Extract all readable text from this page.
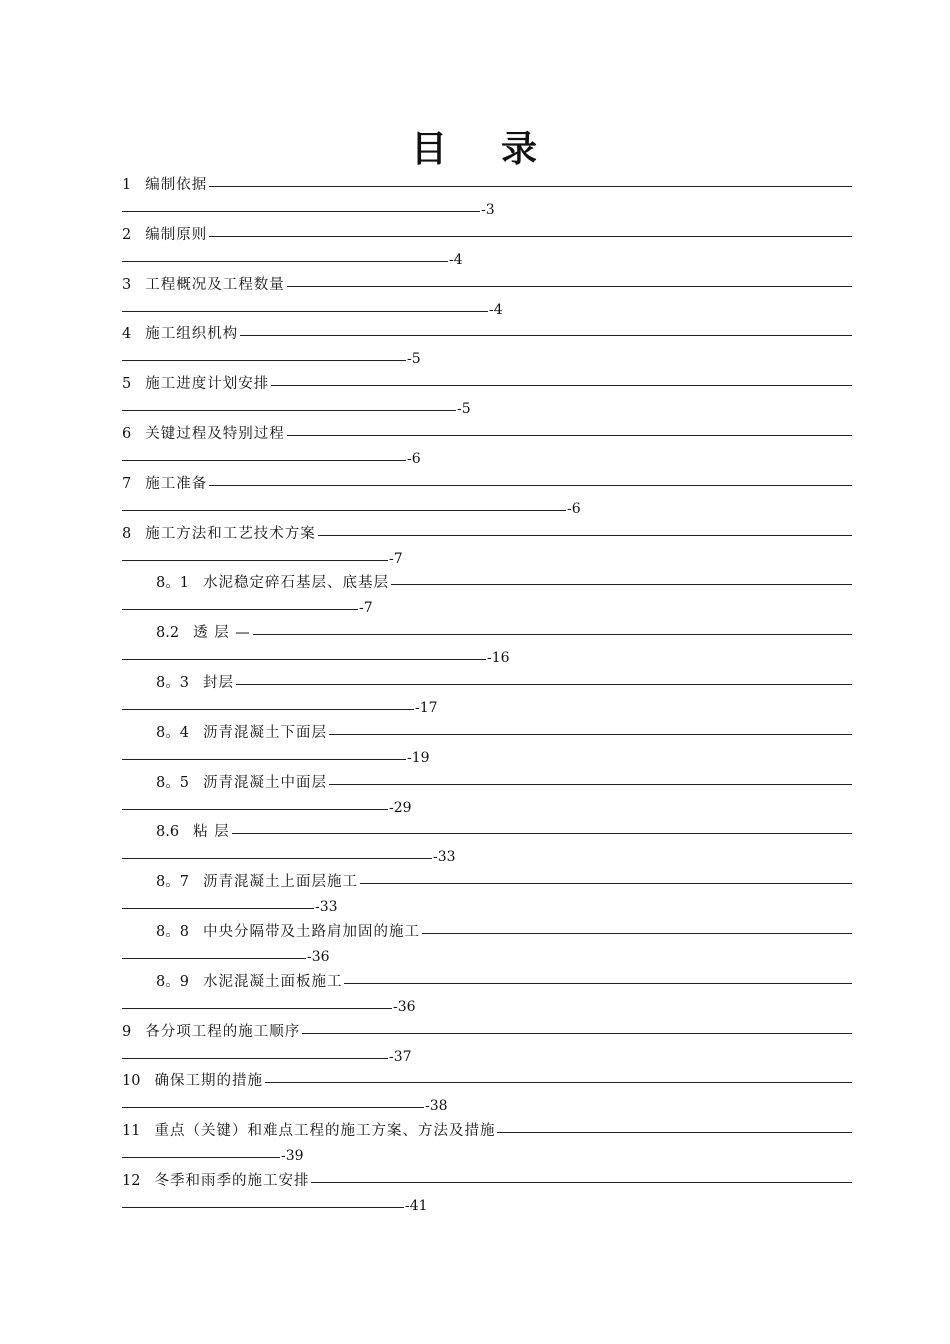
目 录
1 编制依据
-3
2 编制原则
-4
3 工程概况及工程数量
-4
4 施工组织机构
-5
5 施工进度计划安排
-5
6 关键过程及特别过程
-6
7 施工准备
-6
8 施工方法和工艺技术方案
-7
8。1 水泥稳定碎石基层、底基层
-7
8.2 透 层 —
-16
8。3 封层
-17
8。4 沥青混凝土下面层
-19
8。5 沥青混凝土中面层
-29
8.6 粘 层
-33
8。7 沥青混凝土上面层施工
-33
8。8 中央分隔带及土路肩加固的施工
-36
8。9 水泥混凝土面板施工
-36
9 各分项工程的施工顺序
-37
10 确保工期的措施
-38
11 重点（关键）和难点工程的施工方案、方法及措施
-39
12 冬季和雨季的施工安排
-41
